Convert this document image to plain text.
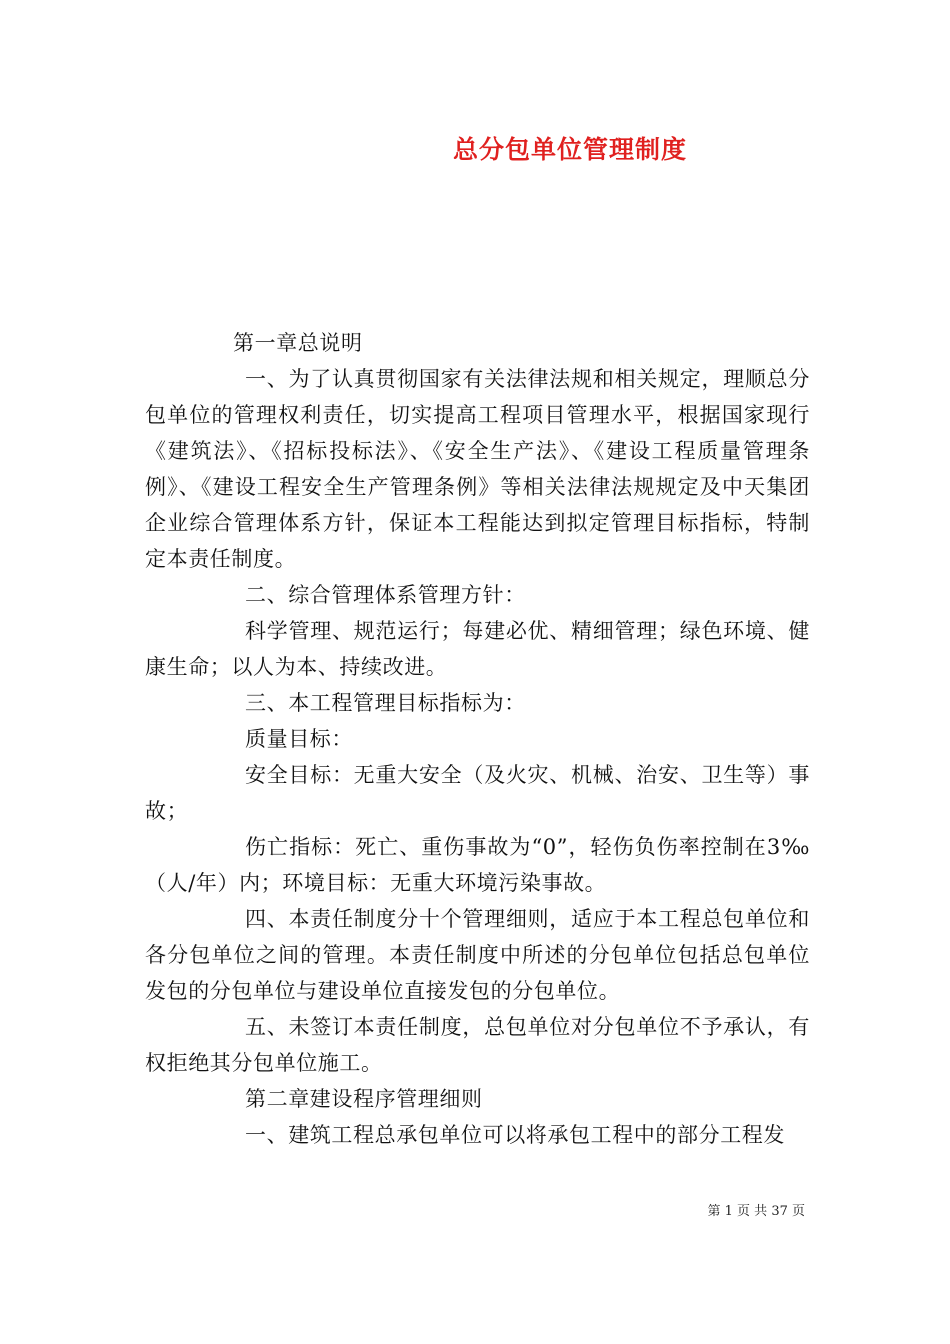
总分包单位管理制度

第一章总说明

一、为了认真贯彻国家有关法律法规和相关规定，理顺总分包单位的管理权利责任，切实提高工程项目管理水平，根据国家现行《建筑法》、《招标投标法》、《安全生产法》、《建设工程质量管理条例》、《建设工程安全生产管理条例》等相关法律法规规定及中天集团企业综合管理体系方针，保证本工程能达到拟定管理目标指标，特制定本责任制度。

二、综合管理体系管理方针：

科学管理、规范运行；每建必优、精细管理；绿色环境、健康生命；以人为本、持续改进。

三、本工程管理目标指标为：

质量目标：

安全目标：无重大安全（及火灾、机械、治安、卫生等）事故；

伤亡指标：死亡、重伤事故为“0”，轻伤负伤率控制在3‰（人/年）内；环境目标：无重大环境污染事故。

四、本责任制度分十个管理细则，适应于本工程总包单位和各分包单位之间的管理。本责任制度中所述的分包单位包括总包单位发包的分包单位与建设单位直接发包的分包单位。

五、未签订本责任制度，总包单位对分包单位不予承认，有权拒绝其分包单位施工。

第二章建设程序管理细则

一、建筑工程总承包单位可以将承包工程中的部分工程发

第 1 页 共 37 页
